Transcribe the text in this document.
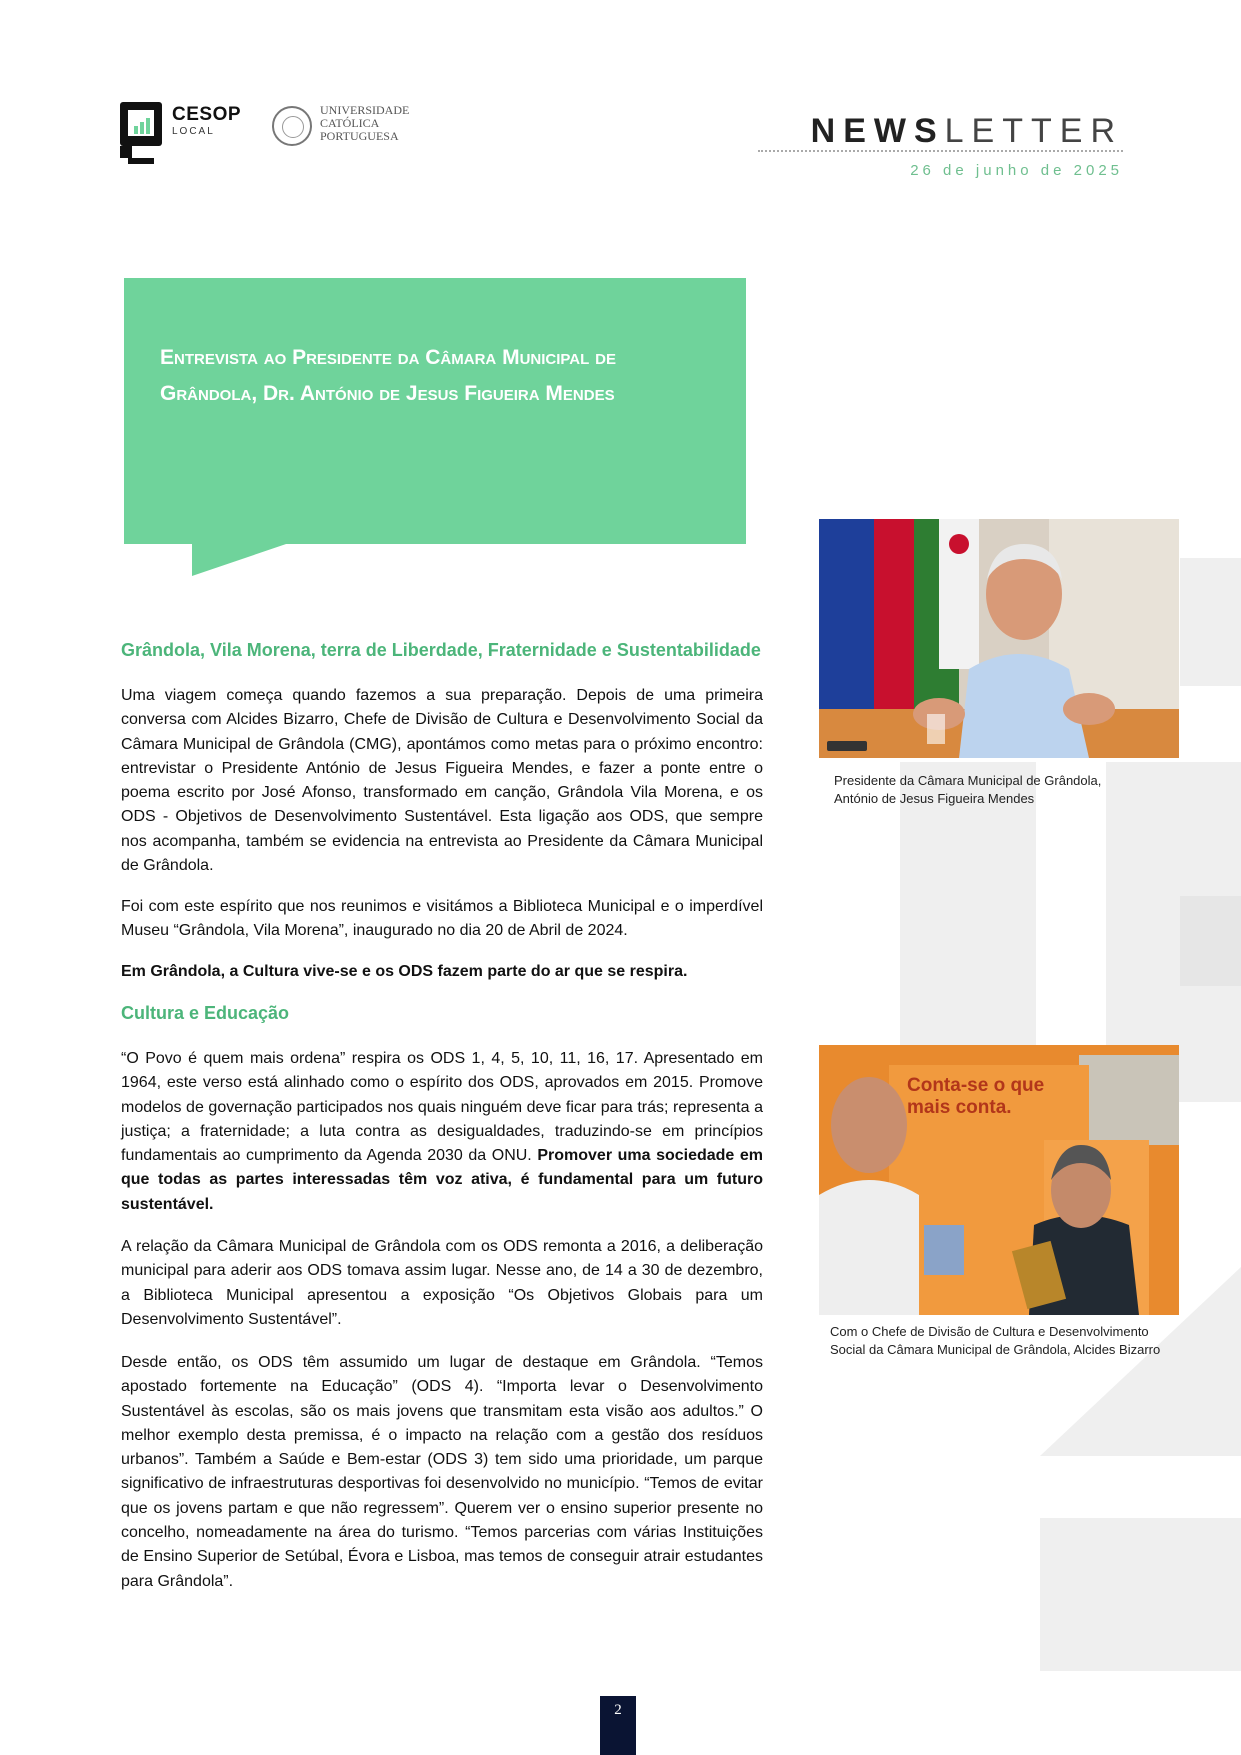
CESOP
LOCAL
UNIVERSIDADE
CATÓLICA
PORTUGUESA	NEWSLETTER
26 de junho de 2025
Entrevista ao Presidente da Câmara Municipal de
Grândola, Dr. António de Jesus Figueira Mendes
Grândola, Vila Morena, terra de Liberdade, Fraternidade e Sustentabilidade

Uma viagem começa quando fazemos a sua preparação. Depois de uma primeira conversa com Alcides Bizarro, Chefe de Divisão de Cultura e Desenvolvimento Social da Câmara Municipal de Grândola (CMG), apontámos como metas para o próximo encontro: entrevistar o Presidente António de Jesus Figueira Mendes, e fazer a ponte entre o poema escrito por José Afonso, transformado em canção, Grândola Vila Morena, e os ODS - Objetivos de Desenvolvimento Sustentável. Esta ligação aos ODS, que sempre nos acompanha, também se evidencia na entrevista ao Presidente da Câmara Municipal de Grândola.

Foi com este espírito que nos reunimos e visitámos a Biblioteca Municipal e o imperdível Museu “Grândola, Vila Morena”, inaugurado no dia 20 de Abril de 2024.

Em Grândola, a Cultura vive-se e os ODS fazem parte do ar que se respira.

Cultura e Educação

“O Povo é quem mais ordena” respira os ODS 1, 4, 5, 10, 11, 16, 17. Apresentado em 1964, este verso está alinhado como o espírito dos ODS, aprovados em 2015. Promove modelos de governação participados nos quais ninguém deve ficar para trás; representa a justiça; a fraternidade; a luta contra as desigualdades, traduzindo-se em princípios fundamentais ao cumprimento da Agenda 2030 da ONU. Promover uma sociedade em que todas as partes interessadas têm voz ativa, é fundamental para um futuro sustentável.

A relação da Câmara Municipal de Grândola com os ODS remonta a 2016, a deliberação municipal para aderir aos ODS tomava assim lugar. Nesse ano, de 14 a 30 de dezembro, a Biblioteca Municipal apresentou a exposição “Os Objetivos Globais para um Desenvolvimento Sustentável”.

Desde então, os ODS têm assumido um lugar de destaque em Grândola. “Temos apostado fortemente na Educação” (ODS 4). “Importa levar o Desenvolvimento Sustentável às escolas, são os mais jovens que transmitam esta visão aos adultos.” O melhor exemplo desta premissa, é o impacto na relação com a gestão dos resíduos urbanos”. Também a Saúde e Bem-estar (ODS 3) tem sido uma prioridade, um parque significativo de infraestruturas desportivas foi desenvolvido no município. “Temos de evitar que os jovens partam e que não regressem”. Querem ver o ensino superior presente no concelho, nomeadamente na área do turismo. “Temos parcerias com várias Instituições de Ensino Superior de Setúbal, Évora e Lisboa, mas temos de conseguir atrair estudantes para Grândola”.

Presidente da Câmara Municipal de Grândola,
António de Jesus Figueira Mendes
Conta-se o que
mais conta.
Com o Chefe de Divisão de Cultura e Desenvolvimento
Social da Câmara Municipal de Grândola, Alcides Bizarro
2
